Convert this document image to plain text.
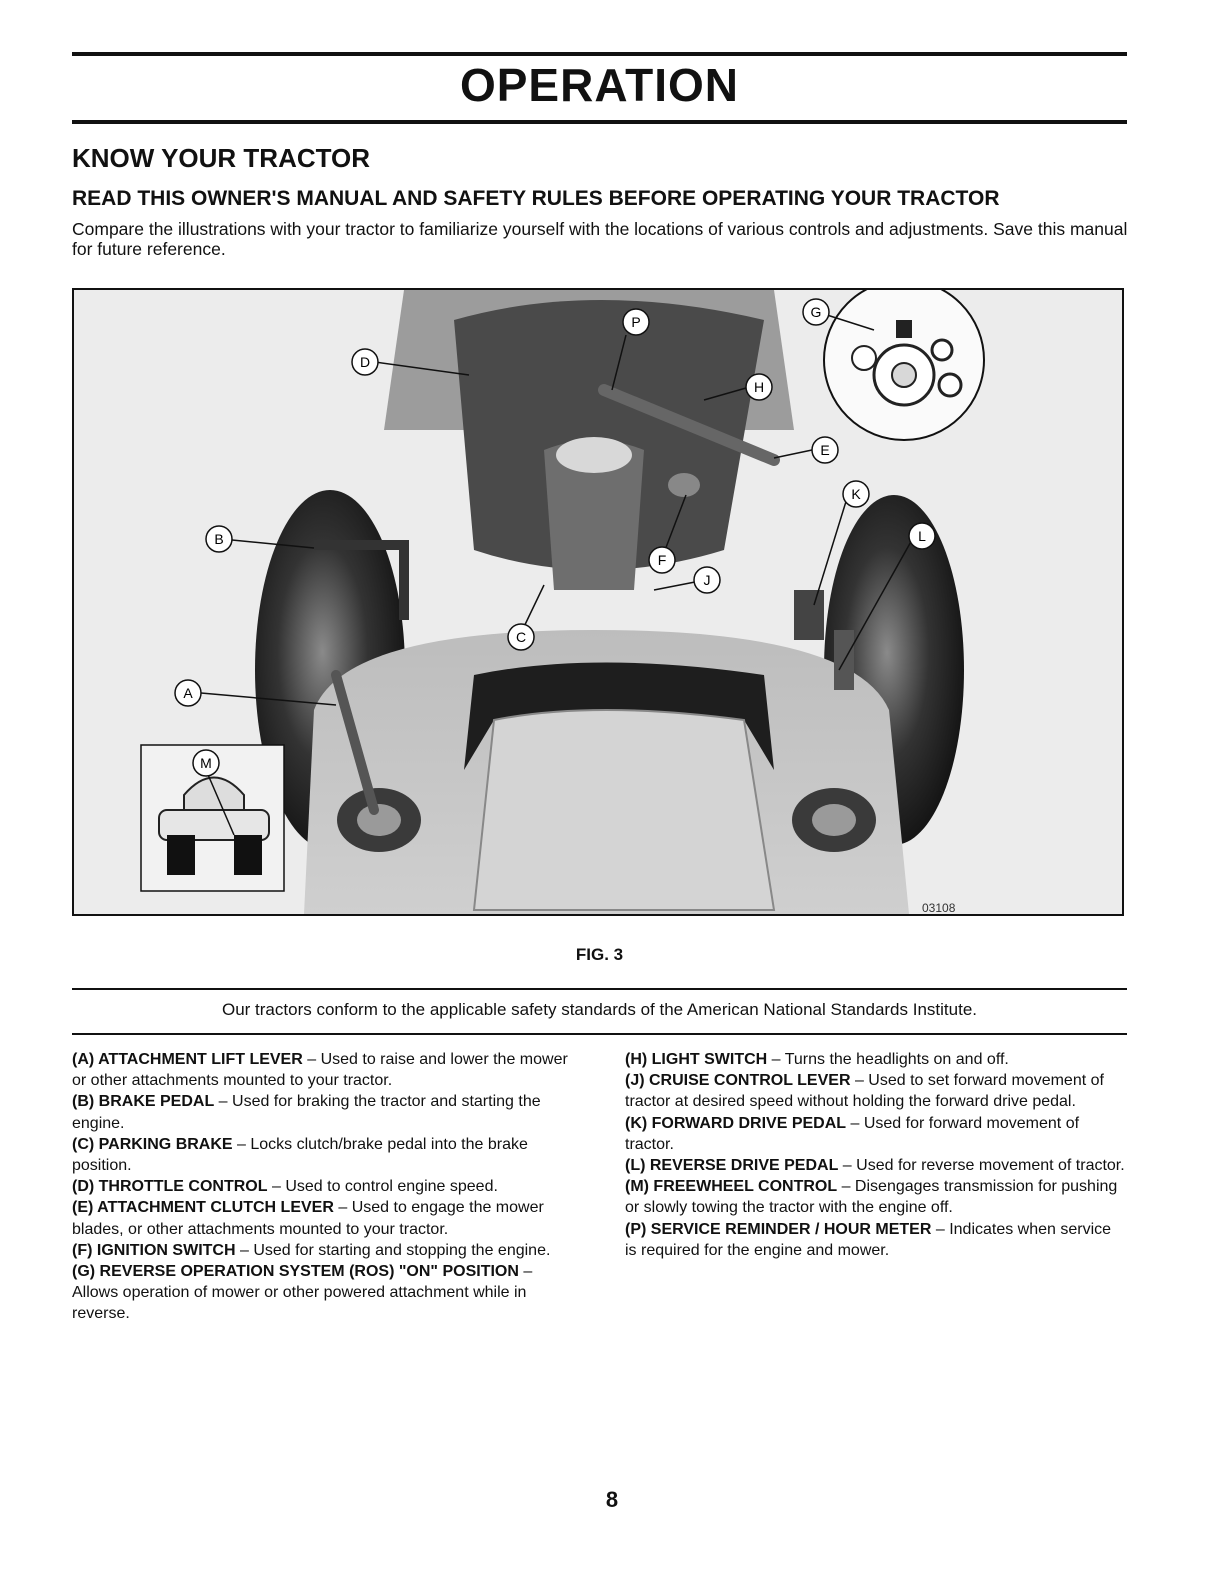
OPERATION
KNOW YOUR TRACTOR
READ THIS OWNER'S MANUAL AND SAFETY RULES BEFORE OPERATING YOUR TRACTOR
Compare the illustrations with your tractor to familiarize yourself with the locations of various controls and adjustments. Save this manual for future reference.
A
B
C
D
E
F
G
H
J
K
L
M
P
03108
FIG. 3
Our tractors conform to the applicable safety standards of the American National Standards Institute.

(A) ATTACHMENT LIFT LEVER – Used to raise and lower the mower or other attachments mounted to your tractor.

(B) BRAKE PEDAL – Used for braking the tractor and starting the engine.

(C) PARKING BRAKE – Locks clutch/brake pedal into the brake position.

(D) THROTTLE CONTROL – Used to control engine speed.

(E) ATTACHMENT CLUTCH LEVER – Used to engage the mower blades, or other attachments mounted to your tractor.

(F) IGNITION SWITCH – Used for starting and stopping the engine.

(G) REVERSE OPERATION SYSTEM (ROS) "ON" POSITION – Allows operation of mower or other powered attachment while in reverse.

(H) LIGHT SWITCH – Turns the headlights on and off.

(J) CRUISE CONTROL LEVER – Used to set forward movement of tractor at desired speed without holding the forward drive pedal.

(K) FORWARD DRIVE PEDAL – Used for forward movement of tractor.

(L) REVERSE DRIVE PEDAL – Used for reverse movement of tractor.

(M) FREEWHEEL CONTROL – Disengages transmission for pushing or slowly towing the tractor with the engine off.

(P) SERVICE REMINDER / HOUR METER – Indicates when service is required for the engine and mower.

8
